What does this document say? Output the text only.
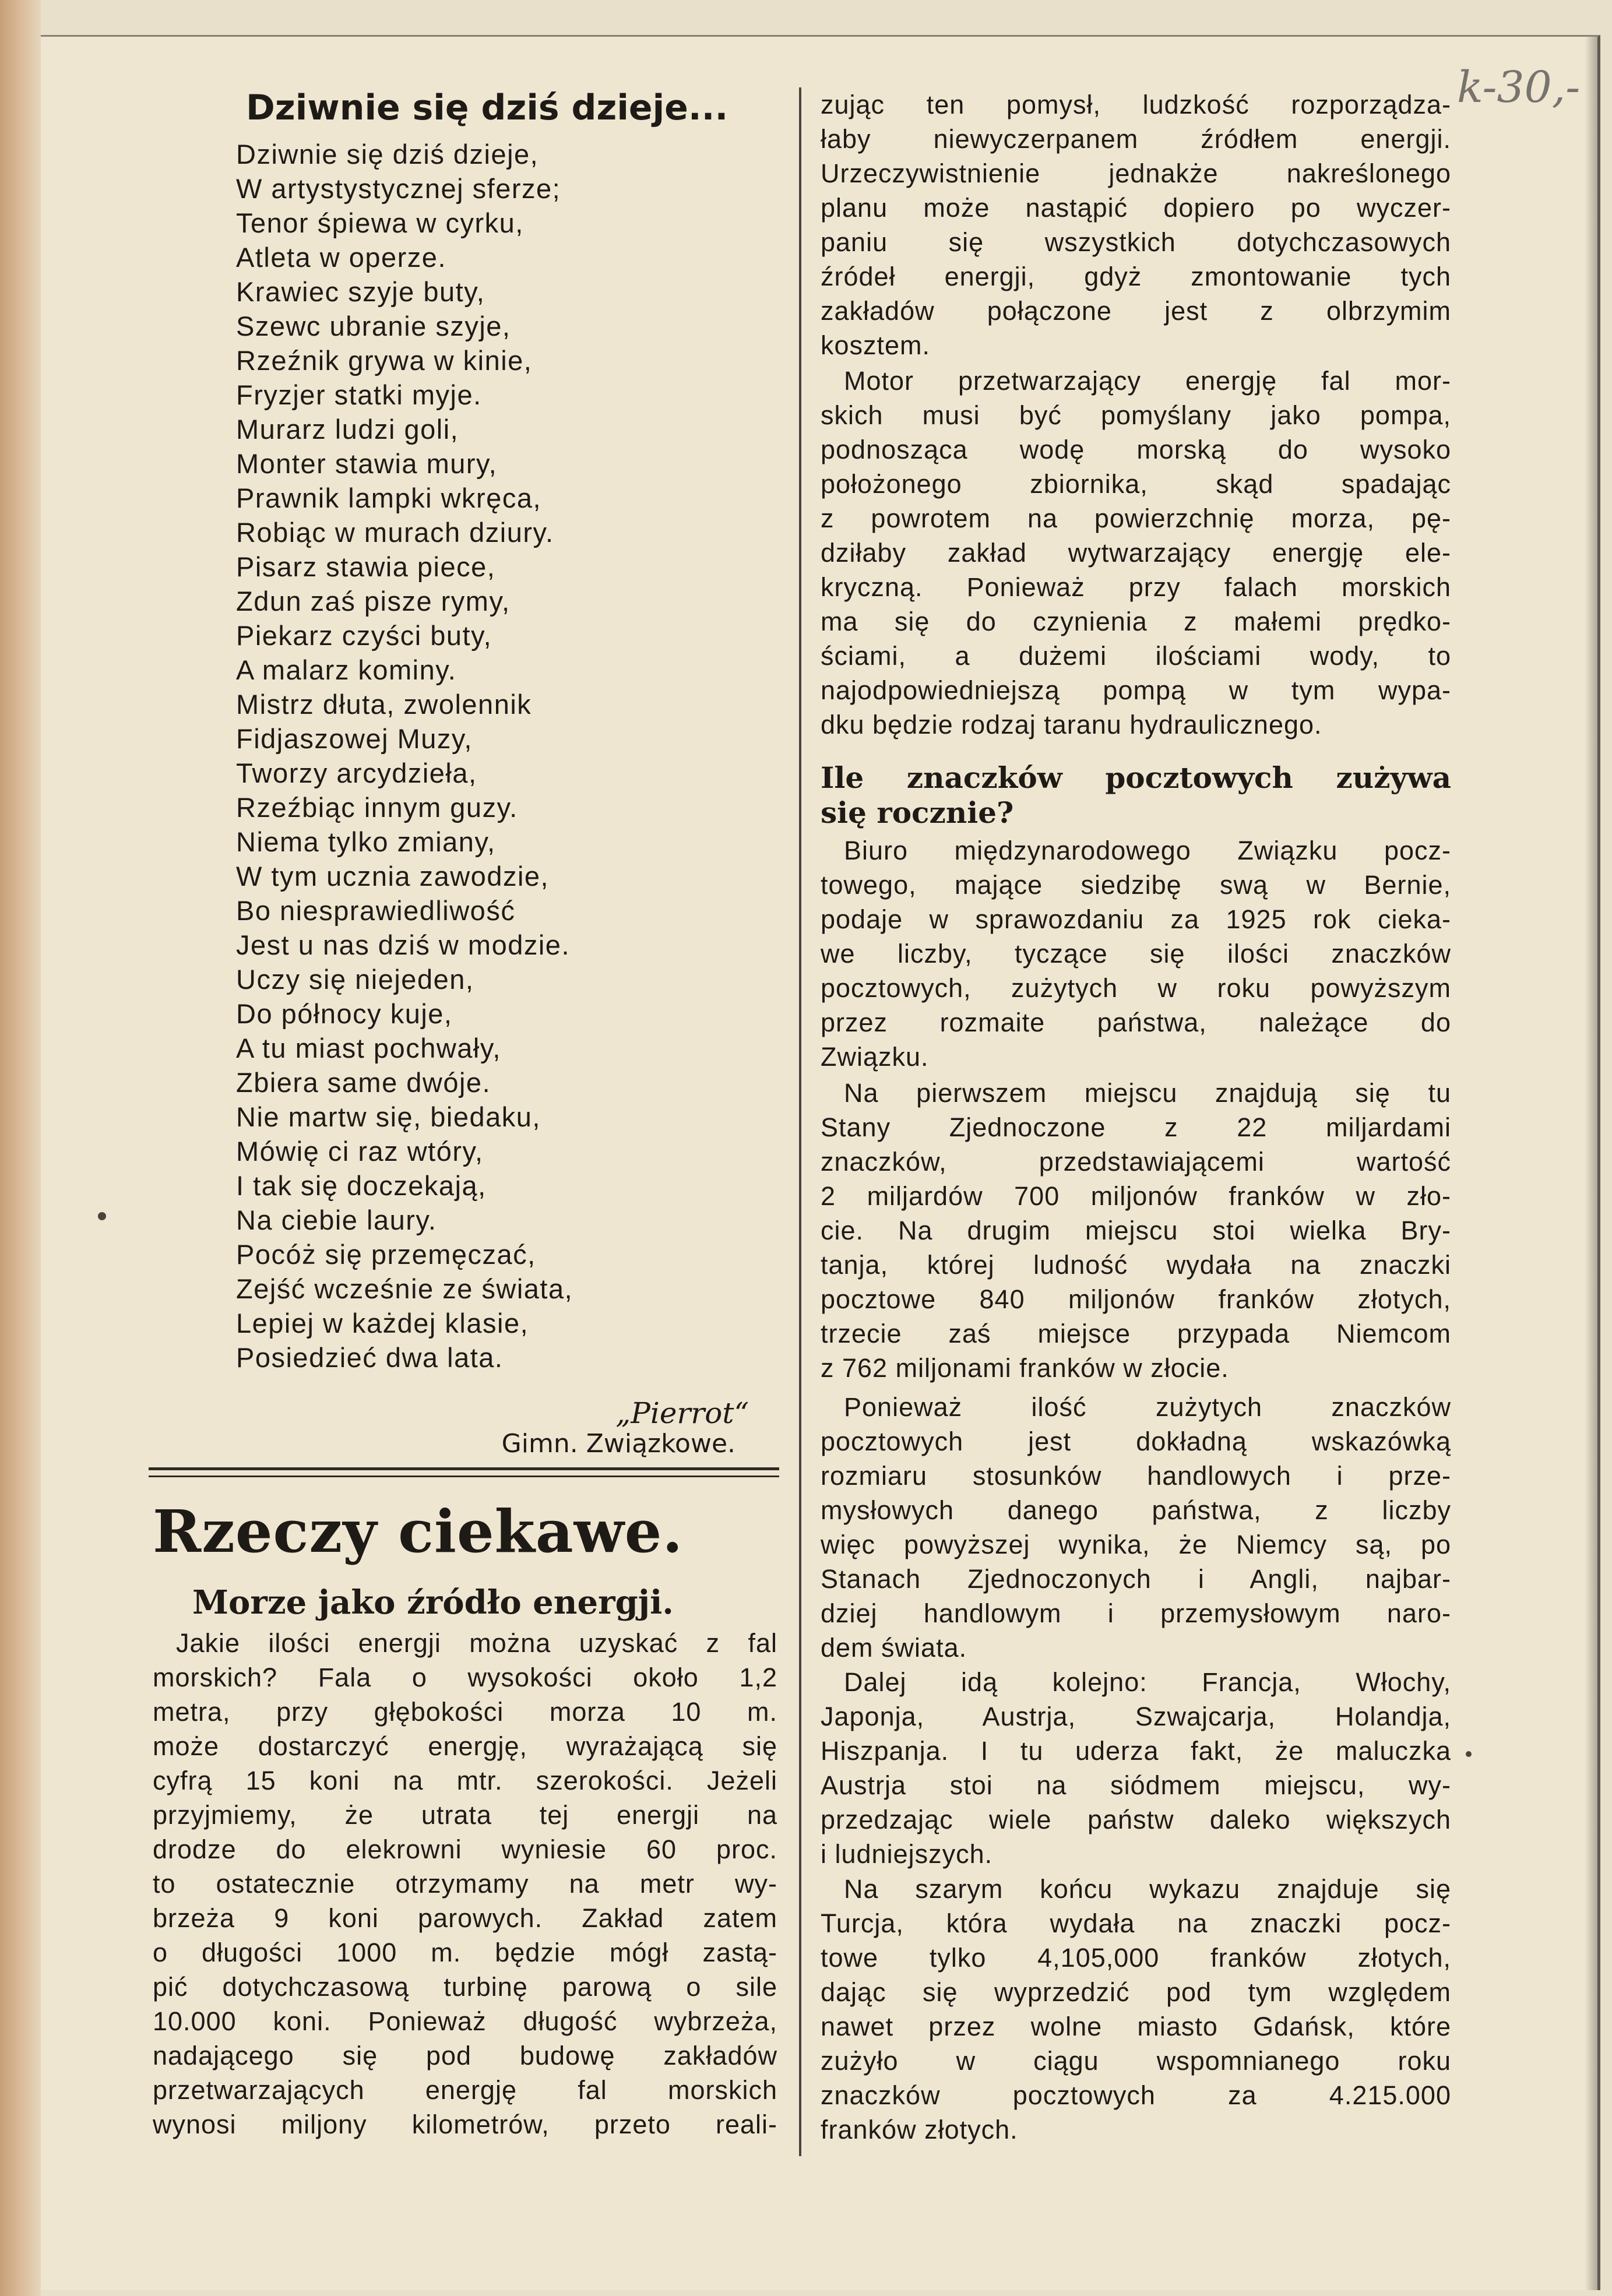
k-30,-
Dziwnie się dziś dzieje...
Dziwnie się dziś dzieje,
W artystystycznej sferze;
Tenor śpiewa w cyrku,
Atleta w operze.
Krawiec szyje buty,
Szewc ubranie szyje,
Rzeźnik grywa w kinie,
Fryzjer statki myje.
Murarz ludzi goli,
Monter stawia mury,
Prawnik lampki wkręca,
Robiąc w murach dziury.
Pisarz stawia piece,
Zdun zaś pisze rymy,
Piekarz czyści buty,
A malarz kominy.
Mistrz dłuta, zwolennik
Fidjaszowej Muzy,
Tworzy arcydzieła,
Rzeźbiąc innym guzy.
Niema tylko zmiany,
W tym ucznia zawodzie,
Bo niesprawiedliwość
Jest u nas dziś w modzie.
Uczy się niejeden,
Do północy kuje,
A tu miast pochwały,
Zbiera same dwóje.
Nie martw się, biedaku,
Mówię ci raz wtóry,
I tak się doczekają,
Na ciebie laury.
Pocóż się przemęczać,
Zejść wcześnie ze świata,
Lepiej w każdej klasie,
Posiedzieć dwa lata.
„Pierrot“
Gimn. Związkowe.
Rzeczy ciekawe.
Morze jako źródło energji.
Jakie ilości energji można uzyskać z fal
morskich? Fala o wysokości około 1,2
metra, przy głębokości morza 10 m.
może dostarczyć energję, wyrażającą się
cyfrą 15 koni na mtr. szerokości. Jeżeli
przyjmiemy, że utrata tej energji na
drodze do elekrowni wyniesie 60 proc.
to ostatecznie otrzymamy na metr wy-
brzeża 9 koni parowych. Zakład zatem
o długości 1000 m. będzie mógł zastą-
pić dotychczasową turbinę parową o sile
10.000 koni. Ponieważ długość wybrzeża,
nadającego się pod budowę zakładów
przetwarzających energję fal morskich
wynosi miljony kilometrów, przeto reali-
zując ten pomysł, ludzkość rozporządza-
łaby niewyczerpanem źródłem energji.
Urzeczywistnienie jednakże nakreślonego
planu może nastąpić dopiero po wyczer-
paniu się wszystkich dotychczasowych
źródeł energji, gdyż zmontowanie tych
zakładów połączone jest z olbrzymim
kosztem.
Motor przetwarzający energję fal mor-
skich musi być pomyślany jako pompa,
podnosząca wodę morską do wysoko
położonego zbiornika, skąd spadając
z powrotem na powierzchnię morza, pę-
dziłaby zakład wytwarzający energję ele-
kryczną. Ponieważ przy falach morskich
ma się do czynienia z małemi prędko-
ściami, a dużemi ilościami wody, to
najodpowiedniejszą pompą w tym wypa-
dku będzie rodzaj taranu hydraulicznego.
Ile znaczków pocztowych zużywa
się rocznie?
Biuro międzynarodowego Związku pocz-
towego, mające siedzibę swą w Bernie,
podaje w sprawozdaniu za 1925 rok cieka-
we liczby, tyczące się ilości znaczków
pocztowych, zużytych w roku powyższym
przez rozmaite państwa, należące do
Związku.
Na pierwszem miejscu znajdują się tu
Stany Zjednoczone z 22 miljardami
znaczków, przedstawiającemi wartość
2 miljardów 700 miljonów franków w zło-
cie. Na drugim miejscu stoi wielka Bry-
tanja, której ludność wydała na znaczki
pocztowe 840 miljonów franków złotych,
trzecie zaś miejsce przypada Niemcom
z 762 miljonami franków w złocie.
Ponieważ ilość zużytych znaczków
pocztowych jest dokładną wskazówką
rozmiaru stosunków handlowych i prze-
mysłowych danego państwa, z liczby
więc powyższej wynika, że Niemcy są, po
Stanach Zjednoczonych i Angli, najbar-
dziej handlowym i przemysłowym naro-
dem świata.
Dalej idą kolejno: Francja, Włochy,
Japonja, Austrja, Szwajcarja, Holandja,
Hiszpanja. I tu uderza fakt, że maluczka
Austrja stoi na siódmem miejscu, wy-
przedzając wiele państw daleko większych
i ludniejszych.
Na szarym końcu wykazu znajduje się
Turcja, która wydała na znaczki pocz-
towe tylko 4,105,000 franków złotych,
dając się wyprzedzić pod tym względem
nawet przez wolne miasto Gdańsk, które
zużyło w ciągu wspomnianego roku
znaczków pocztowych za 4.215.000
franków złotych.
